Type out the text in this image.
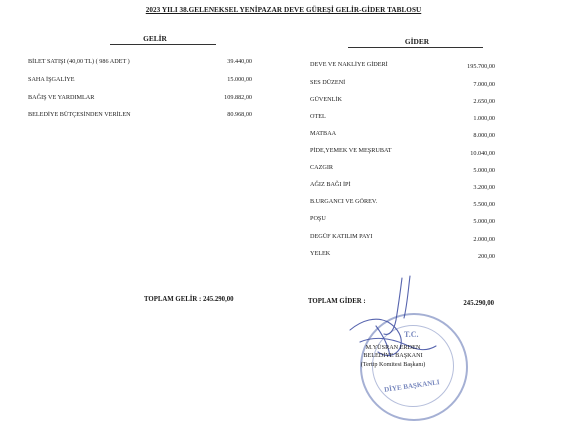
2023 YILI 38.GELENEKSEL YENİPAZAR DEVE GÜREŞİ GELİR-GİDER TABLOSU
GELİR	GİDER
BİLET SATIŞI (40,00 TL) ( 986 ADET )	39.440,00
SAHA İŞGALİYE	15.000,00
BAĞIŞ VE YARDIMLAR	109.882,00
BELEDİYE BÜTÇESİNDEN VERİLEN	80.968,00
DEVE VE NAKLİYE GİDERİ	195.700,00
SES DÜZENİ	7.000,00
GÜVENLİK	2.650,00
OTEL	1.000,00
MATBAA	8.000,00
PİDE,YEMEK VE MEŞRUBAT	10.040,00
CAZGIR	5.000,00
AĞIZ BAĞI İPİ	3.200,00
B.URGANCI VE GÖREV.	5.500,00
POŞU	5.000,00
DEGÜF KATILIM PAYI	2.000,00
YELEK	200,00
TOPLAM GELİR : 245.290,00	TOPLAM GİDER :	245.290,00
T.C.
DİYE BAŞKANLI
M.YÜSRAN ERDEN
BELEDİYE BAŞKANI
(Tertip Komitesi Başkanı)
